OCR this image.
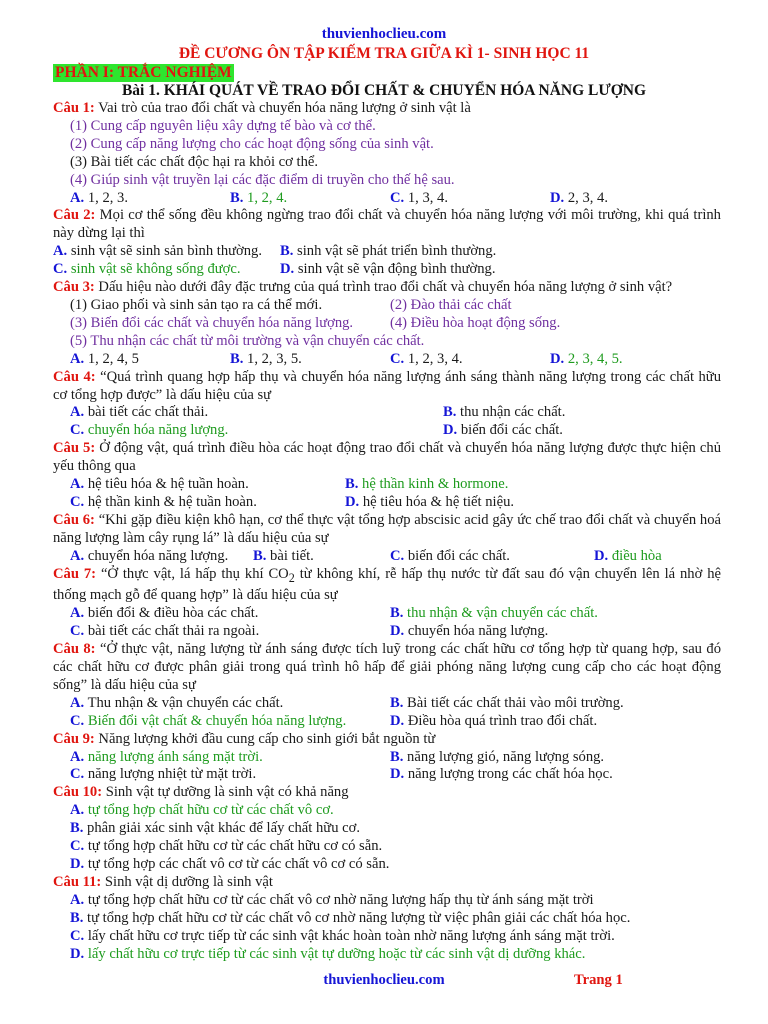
thuvienhoclieu.com
ĐỀ CƯƠNG ÔN TẬP KIẾM TRA GIỮA KÌ 1- SINH HỌC 11
PHẦN I: TRẮC NGHIỆM
Bài 1. KHÁI QUÁT VỀ TRAO ĐỔI CHẤT & CHUYỂN HÓA NĂNG LƯỢNG
Câu 1: Vai trò của trao đổi chất và chuyển hóa năng lượng ở sinh vật là
(1) Cung cấp nguyên liệu xây dựng tế bào và cơ thể.
(2) Cung cấp năng lượng cho các hoạt động sống của sinh vật.
(3) Bài tiết các chất độc hại ra khỏi cơ thể.
(4) Giúp sinh vật truyền lại các đặc điểm di truyền cho thế hệ sau.
A. 1, 2, 3.	B. 1, 2, 4.	C. 1, 3, 4.	D. 2, 3, 4.
Câu 2: Mọi cơ thể sống đều không ngừng trao đổi chất và chuyển hóa năng lượng với môi trường, khi quá trình này dừng lại thì
A. sinh vật sẽ sinh sản bình thường.	B. sinh vật sẽ phát triển bình thường.
C. sinh vật sẽ không sống được.	D. sinh vật sẽ vận động bình thường.
Câu 3: Dấu hiệu nào dưới đây đặc trưng của quá trình trao đổi chất và chuyển hóa năng lượng ở sinh vật?
(1) Giao phối và sinh sản tạo ra cá thể mới.	(2) Đào thải các chất
(3) Biến đổi các chất và chuyển hóa năng lượng.	(4) Điều hòa hoạt động sống.
(5) Thu nhận các chất từ môi trường và vận chuyển các chất.
A. 1, 2, 4, 5	B. 1, 2, 3, 5.	C. 1, 2, 3, 4.	D. 2, 3, 4, 5.
Câu 4: “Quá trình quang hợp hấp thụ và chuyển hóa năng lượng ánh sáng thành năng lượng trong các chất hữu cơ tổng hợp được” là dấu hiệu của sự
A. bài tiết các chất thải.	B. thu nhận các chất.
C. chuyển hóa năng lượng.	D. biến đổi các chất.
Câu 5: Ở động vật, quá trình điều hòa các hoạt động trao đổi chất và chuyển hóa năng lượng được thực hiện chủ yếu thông qua
A. hệ tiêu hóa & hệ tuần hoàn.	B. hệ thần kinh & hormone.
C. hệ thần kinh & hệ tuần hoàn.	D. hệ tiêu hóa & hệ tiết niệu.
Câu 6: “Khi gặp điều kiện khô hạn, cơ thể thực vật tổng hợp abscisic acid gây ức chế trao đổi chất và chuyển hoá năng lượng làm cây rụng lá” là dấu hiệu của sự
A. chuyển hóa năng lượng.	B. bài tiết.	C. biến đổi các chất.	D. điều hòa
Câu 7: “Ở thực vật, lá hấp thụ khí $CO_2$ từ không khí, rễ hấp thụ nước từ đất sau đó vận chuyển lên lá nhờ hệ thống mạch gỗ để quang hợp” là dấu hiệu của sự
A. biến đổi & điều hòa các chất.	B. thu nhận & vận chuyển các chất.
C. bài tiết các chất thải ra ngoài.	D. chuyển hóa năng lượng.
Câu 8: “Ở thực vật, năng lượng từ ánh sáng được tích luỹ trong các chất hữu cơ tổng hợp từ quang hợp, sau đó các chất hữu cơ được phân giải trong quá trình hô hấp để giải phóng năng lượng cung cấp cho các hoạt động sống” là dấu hiệu của sự
A. Thu nhận & vận chuyển các chất.	B. Bài tiết các chất thải vào môi trường.
C. Biến đổi vật chất & chuyển hóa năng lượng.	D. Điều hòa quá trình trao đổi chất.
Câu 9: Năng lượng khởi đầu cung cấp cho sinh giới bắt nguồn từ
A. năng lượng ánh sáng mặt trời.	B. năng lượng gió, năng lượng sóng.
C. năng lượng nhiệt từ mặt trời.	D. năng lượng trong các chất hóa học.
Câu 10: Sinh vật tự dưỡng là sinh vật có khả năng
A. tự tổng hợp chất hữu cơ từ các chất vô cơ.
B. phân giải xác sinh vật khác để lấy chất hữu cơ.
C. tự tổng hợp chất hữu cơ từ các chất hữu cơ có sẵn.
D. tự tổng hợp các chất vô cơ từ các chất vô cơ có sẵn.
Câu 11: Sinh vật dị dưỡng là sinh vật
A. tự tổng hợp chất hữu cơ từ các chất vô cơ nhờ năng lượng hấp thụ từ ánh sáng mặt trời
B. tự tổng hợp chất hữu cơ từ các chất vô cơ nhờ năng lượng từ việc phân giải các chất hóa học.
C. lấy chất hữu cơ trực tiếp từ các sinh vật khác hoàn toàn nhờ năng lượng ánh sáng mặt trời.
D. lấy chất hữu cơ trực tiếp từ các sinh vật tự dưỡng hoặc từ các sinh vật dị dưỡng khác.
thuvienhoclieu.com	Trang 1
